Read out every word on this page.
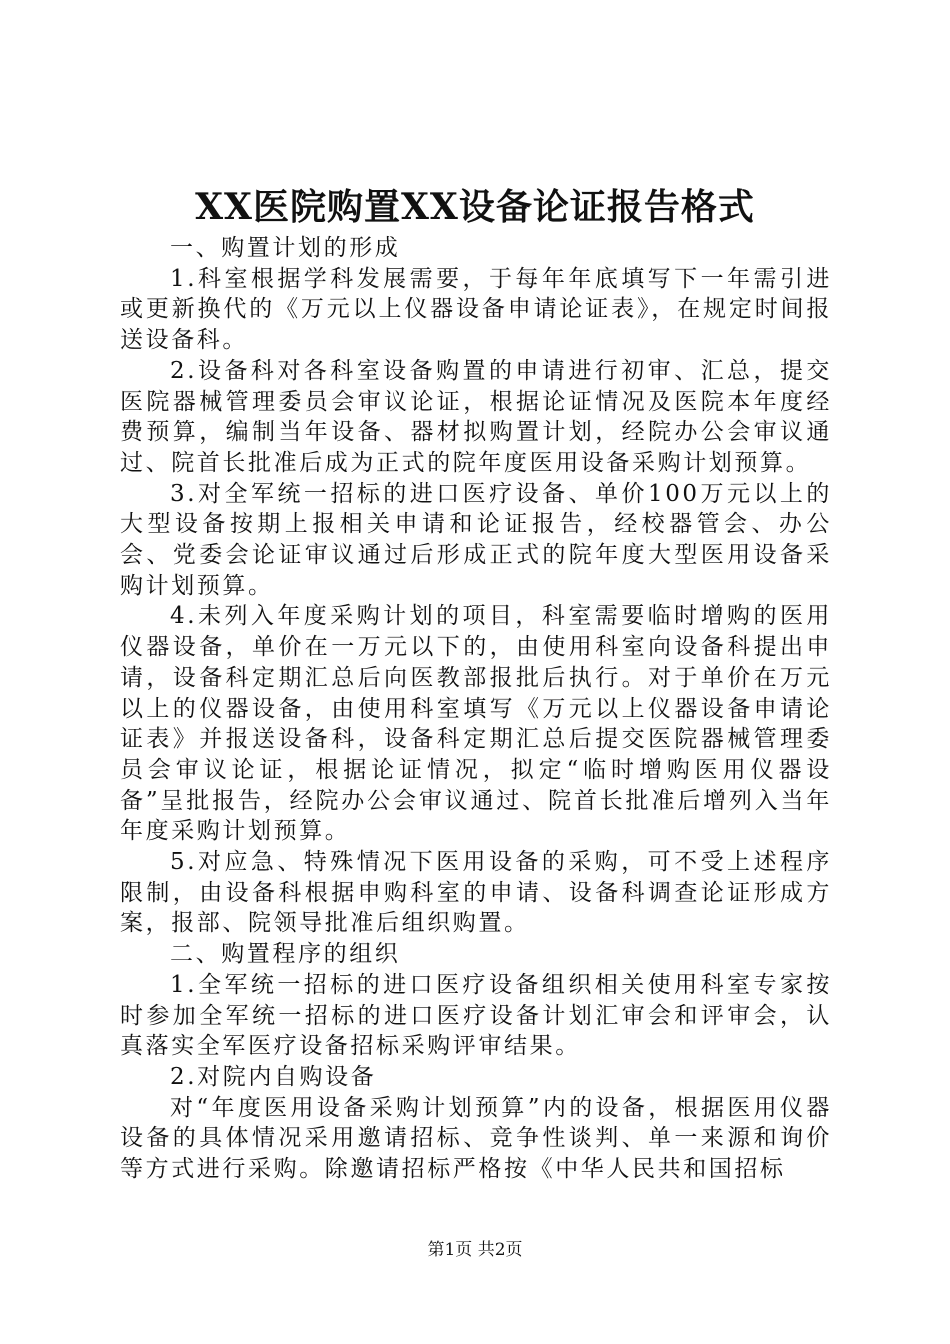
XX医院购置XX设备论证报告格式

一、购置计划的形成

1.科室根据学科发展需要，于每年年底填写下一年需引进或更新换代的《万元以上仪器设备申请论证表》，在规定时间报送设备科。

2.设备科对各科室设备购置的申请进行初审、汇总，提交医院器械管理委员会审议论证，根据论证情况及医院本年度经费预算，编制当年设备、器材拟购置计划，经院办公会审议通过、院首长批准后成为正式的院年度医用设备采购计划预算。

3.对全军统一招标的进口医疗设备、单价100万元以上的大型设备按期上报相关申请和论证报告，经校器管会、办公会、党委会论证审议通过后形成正式的院年度大型医用设备采购计划预算。

4.未列入年度采购计划的项目，科室需要临时增购的医用仪器设备，单价在一万元以下的，由使用科室向设备科提出申请，设备科定期汇总后向医教部报批后执行。对于单价在万元以上的仪器设备，由使用科室填写《万元以上仪器设备申请论证表》并报送设备科，设备科定期汇总后提交医院器械管理委员会审议论证，根据论证情况，拟定“临时增购医用仪器设备”呈批报告，经院办公会审议通过、院首长批准后增列入当年年度采购计划预算。

5.对应急、特殊情况下医用设备的采购，可不受上述程序限制，由设备科根据申购科室的申请、设备科调查论证形成方案，报部、院领导批准后组织购置。

二、购置程序的组织

1.全军统一招标的进口医疗设备组织相关使用科室专家按时参加全军统一招标的进口医疗设备计划汇审会和评审会，认真落实全军医疗设备招标采购评审结果。

2.对院内自购设备

对“年度医用设备采购计划预算”内的设备，根据医用仪器设备的具体情况采用邀请招标、竞争性谈判、单一来源和询价等方式进行采购。除邀请招标严格按《中华人民共和国招标

第1页 共2页
